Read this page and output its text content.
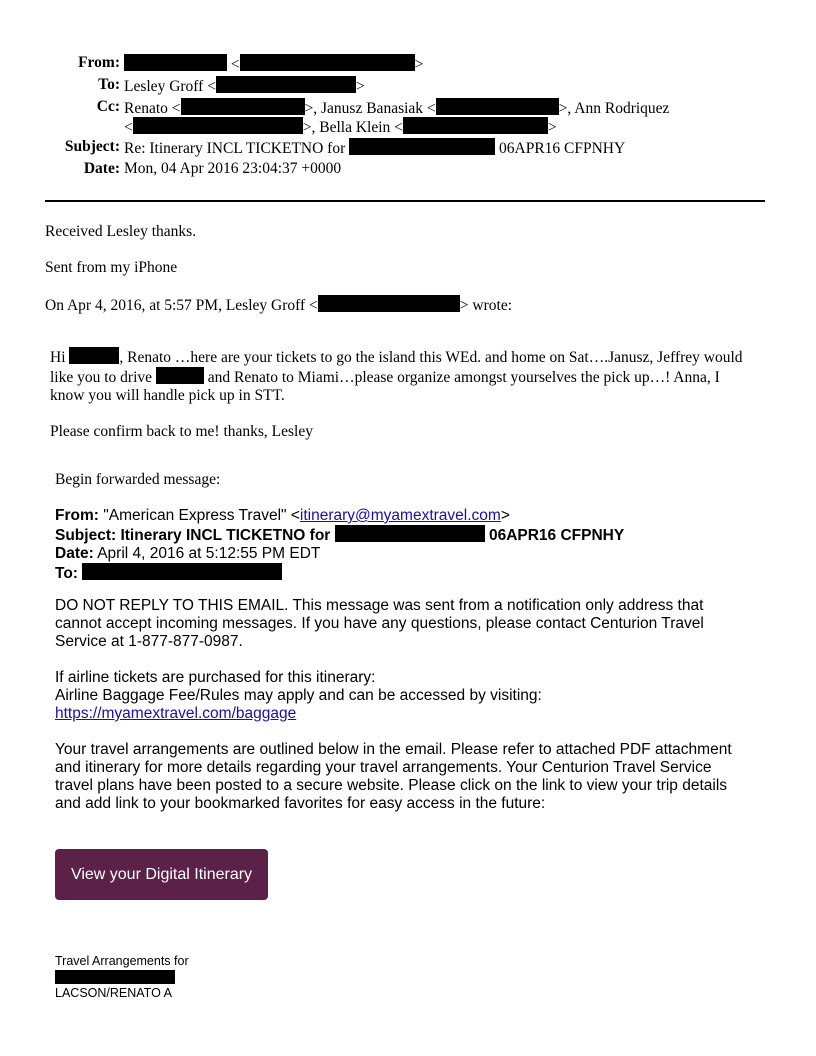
From:	<	>
To: Lesley Groff <	>
Cc: Renato <	>, Janusz Banasiak <	>, Ann Rodriquez
<	>, Bella Klein <	>
Subject: Re: Itinerary INCL TICKETNO for	06APR16 CFPNHY
Date: Mon, 04 Apr 2016 23:04:37 +0000
Received Lesley thanks.
Sent from my iPhone
On Apr 4, 2016, at 5:57 PM, Lesley Groff <	> wrote:
Hi	, Renato …here are your tickets to go the island this WEd. and home on Sat….Janusz, Jeffrey would
like you to drive	and Renato to Miami…please organize amongst yourselves the pick up…! Anna, I
know you will handle pick up in STT.
Please confirm back to me! thanks, Lesley
Begin forwarded message:
From: "American Express Travel" <itinerary@myamextravel.com>
Subject: Itinerary INCL TICKETNO for	06APR16 CFPNHY
Date: April 4, 2016 at 5:12:55 PM EDT
To:
DO NOT REPLY TO THIS EMAIL. This message was sent from a notification only address that
cannot accept incoming messages. If you have any questions, please contact Centurion Travel
Service at 1-877-877-0987.
If airline tickets are purchased for this itinerary:
Airline Baggage Fee/Rules may apply and can be accessed by visiting:
https://myamextravel.com/baggage
Your travel arrangements are outlined below in the email. Please refer to attached PDF attachment
and itinerary for more details regarding your travel arrangements. Your Centurion Travel Service
travel plans have been posted to a secure website. Please click on the link to view your trip details
and add link to your bookmarked favorites for easy access in the future:
View your Digital Itinerary
Travel Arrangements for
LACSON/RENATO A
